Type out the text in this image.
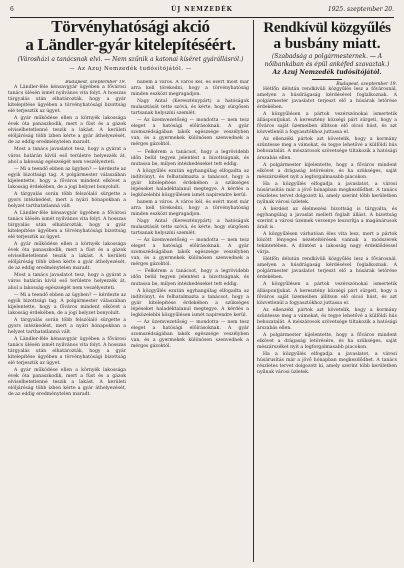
6	ÚJ NEMZEDÉK	1925. szeptember 20.
Törvényhatósági akció
a Ländler-gyár kitelepítéséért.
(Városházi a tanácsnak elvi. — Nem szűnik a katonai kíséret gyárállásról.)
— Az Azuj Nemzedék tudósítójától. —
Budapest, szeptember 19.

A Ländler-féle kénsavgyár ügyében a fővárosi tanács ülésén ismét nyilvános vita folyt. A hosszas tárgyalás után elhatározták, hogy a gyár kitelepítése ügyében a törvényhatósági bizottság elé terjesztik az ügyet.

A gyár működése ellen a környék lakossága évek óta panaszkodik, mert a füst és a gázok elviselhetetlenné teszik a lakást. A kerületi elöljáróság több ízben kérte a gyár áthelyezését, de az eddig eredménytelen maradt.

Most a tanács javaslatot tesz, hogy a gyárat a város határán kívül eső területre helyezzék át, ahol a lakosság egészségét nem veszélyezteti.

— Mi a teendő ebben az ügyben? — kérdezte az egyik bizottsági tag. A polgármester válaszában kijelentette, hogy a főváros mindent elkövet a lakosság érdekében, de a jogi helyzet bonyolult.

A tárgyalás során több felszólaló sürgette a gyors intézkedést, mert a nyári hónapokban a helyzet tarthatatlanná vált.

A Ländler-féle kénsavgyár ügyében a fővárosi tanács ülésén ismét nyilvános vita folyt. A hosszas tárgyalás után elhatározták, hogy a gyár kitelepítése ügyében a törvényhatósági bizottság elé terjesztik az ügyet.

A gyár működése ellen a környék lakossága évek óta panaszkodik, mert a füst és a gázok elviselhetetlenné teszik a lakást. A kerületi elöljáróság több ízben kérte a gyár áthelyezését, de az eddig eredménytelen maradt.

Most a tanács javaslatot tesz, hogy a gyárat a város határán kívül eső területre helyezzék át, ahol a lakosság egészségét nem veszélyezteti.

— Mi a teendő ebben az ügyben? — kérdezte az egyik bizottsági tag. A polgármester válaszában kijelentette, hogy a főváros mindent elkövet a lakosság érdekében, de a jogi helyzet bonyolult.

A tárgyalás során több felszólaló sürgette a gyors intézkedést, mert a nyári hónapokban a helyzet tarthatatlanná vált.

A Ländler-féle kénsavgyár ügyében a fővárosi tanács ülésén ismét nyilvános vita folyt. A hosszas tárgyalás után elhatározták, hogy a gyár kitelepítése ügyében a törvényhatósági bizottság elé terjesztik az ügyet.

A gyár működése ellen a környék lakossága évek óta panaszkodik, mert a füst és a gázok elviselhetetlenné teszik a lakást. A kerületi elöljáróság több ízben kérte a gyár áthelyezését, de az eddig eredménytelen maradt.

hanem a város. A város kél, és ezért most már arra kell törekedni, hogy a törvényhatóság minden eszközt megragadjon.

Nagy Antal (Kereszténypárt) a hatóságok mulasztását tette szóvá, és kérte, hogy sürgősen tartsanak helyszíni szemlét.

— Az üzemvezetőség — mondotta — nem tesz eleget a hatósági előírásoknak. A gyár szomszédságában lakók egészsége veszélyben van, és a gyermekek különösen szenvednek a mérges gázoktól.

— Felkérem a tanácsot, hogy a legrövidebb időn belül tegyen jelentést a bizottságnak, és mutassa be, milyen intézkedéseket tett eddig.

A közgyűlés ezután egyhangúlag elfogadta az indítványt, és felhatalmazta a tanácsot, hogy a gyár kitelepítése érdekében a szükséges lépéseket haladéktalanul megtegye. A kérdés a legközelebbi közgyűlésen ismét napirendre kerül.

hanem a város. A város kél, és ezért most már arra kell törekedni, hogy a törvényhatóság minden eszközt megragadjon.

Nagy Antal (Kereszténypárt) a hatóságok mulasztását tette szóvá, és kérte, hogy sürgősen tartsanak helyszíni szemlét.

— Az üzemvezetőség — mondotta — nem tesz eleget a hatósági előírásoknak. A gyár szomszédságában lakók egészsége veszélyben van, és a gyermekek különösen szenvednek a mérges gázoktól.

— Felkérem a tanácsot, hogy a legrövidebb időn belül tegyen jelentést a bizottságnak, és mutassa be, milyen intézkedéseket tett eddig.

A közgyűlés ezután egyhangúlag elfogadta az indítványt, és felhatalmazta a tanácsot, hogy a gyár kitelepítése érdekében a szükséges lépéseket haladéktalanul megtegye. A kérdés a legközelebbi közgyűlésen ismét napirendre kerül.

— Az üzemvezetőség — mondotta — nem tesz eleget a hatósági előírásoknak. A gyár szomszédságában lakók egészsége veszélyben van, és a gyermekek különösen szenvednek a mérges gázoktól.

Rendkívül közgyűlés
a busbány miatt.
(Szabadság a polgármesternek. — A nőibankában és épül ankéfed szavaztak.)
Az Azuj Nemzedék tudósítójától.
Budapest, szeptember 19.

Hétfőn délután rendkívüli közgyűlés lesz a fővárosnál, amelyen a húsdrágaság kérdésével foglalkoznak. A polgármester javaslatot terjeszt elő a húsárak letörése érdekében.

A közgyűlésen a pártok vezérszónokai ismertetik álláspontjukat. A keresztény községi párt sürgeti, hogy a főváros saját üzemeiben állítson elő olcsó húst, és azt közvetlenül a fogyasztókhoz juttassa el.

Az ellenzéki pártok azt követelik, hogy a kormány szüntesse meg a vámokat, és tegye lehetővé a külföldi hús behozatalát. A mészárosok szövetsége tiltakozik a hatósági árszabás ellen.

A polgármester kijelentette, hogy a főváros mindent elkövet a drágaság letörésére, és ha szükséges, saját mészárszéket nyit a legforgalmasabb piacokon.

Ha a közgyűlés elfogadja a javaslatot, a városi húsárusítás már a jövő hónapban megkezdődhet. A tanács részletes tervet dolgozott ki, amely szerint több kerületben nyílnak városi üzletek.

A kérdést az élelmezési bizottság is tárgyalta, és egyhangúlag a javaslat mellett foglalt állást. A bizottság szerint a városi üzemek versenye leszorítja a magánárusok árait is.

A közgyűlésen várhatóan éles vita lesz, mert a pártok között lényeges nézeteltérések vannak a módszerek tekintetében. A döntést a lakosság nagy érdeklődéssel várja.

Hétfőn délután rendkívüli közgyűlés lesz a fővárosnál, amelyen a húsdrágaság kérdésével foglalkoznak. A polgármester javaslatot terjeszt elő a húsárak letörése érdekében.

A közgyűlésen a pártok vezérszónokai ismertetik álláspontjukat. A keresztény községi párt sürgeti, hogy a főváros saját üzemeiben állítson elő olcsó húst, és azt közvetlenül a fogyasztókhoz juttassa el.

Az ellenzéki pártok azt követelik, hogy a kormány szüntesse meg a vámokat, és tegye lehetővé a külföldi hús behozatalát. A mészárosok szövetsége tiltakozik a hatósági árszabás ellen.

A polgármester kijelentette, hogy a főváros mindent elkövet a drágaság letörésére, és ha szükséges, saját mészárszéket nyit a legforgalmasabb piacokon.

Ha a közgyűlés elfogadja a javaslatot, a városi húsárusítás már a jövő hónapban megkezdődhet. A tanács részletes tervet dolgozott ki, amely szerint több kerületben nyílnak városi üzletek.
